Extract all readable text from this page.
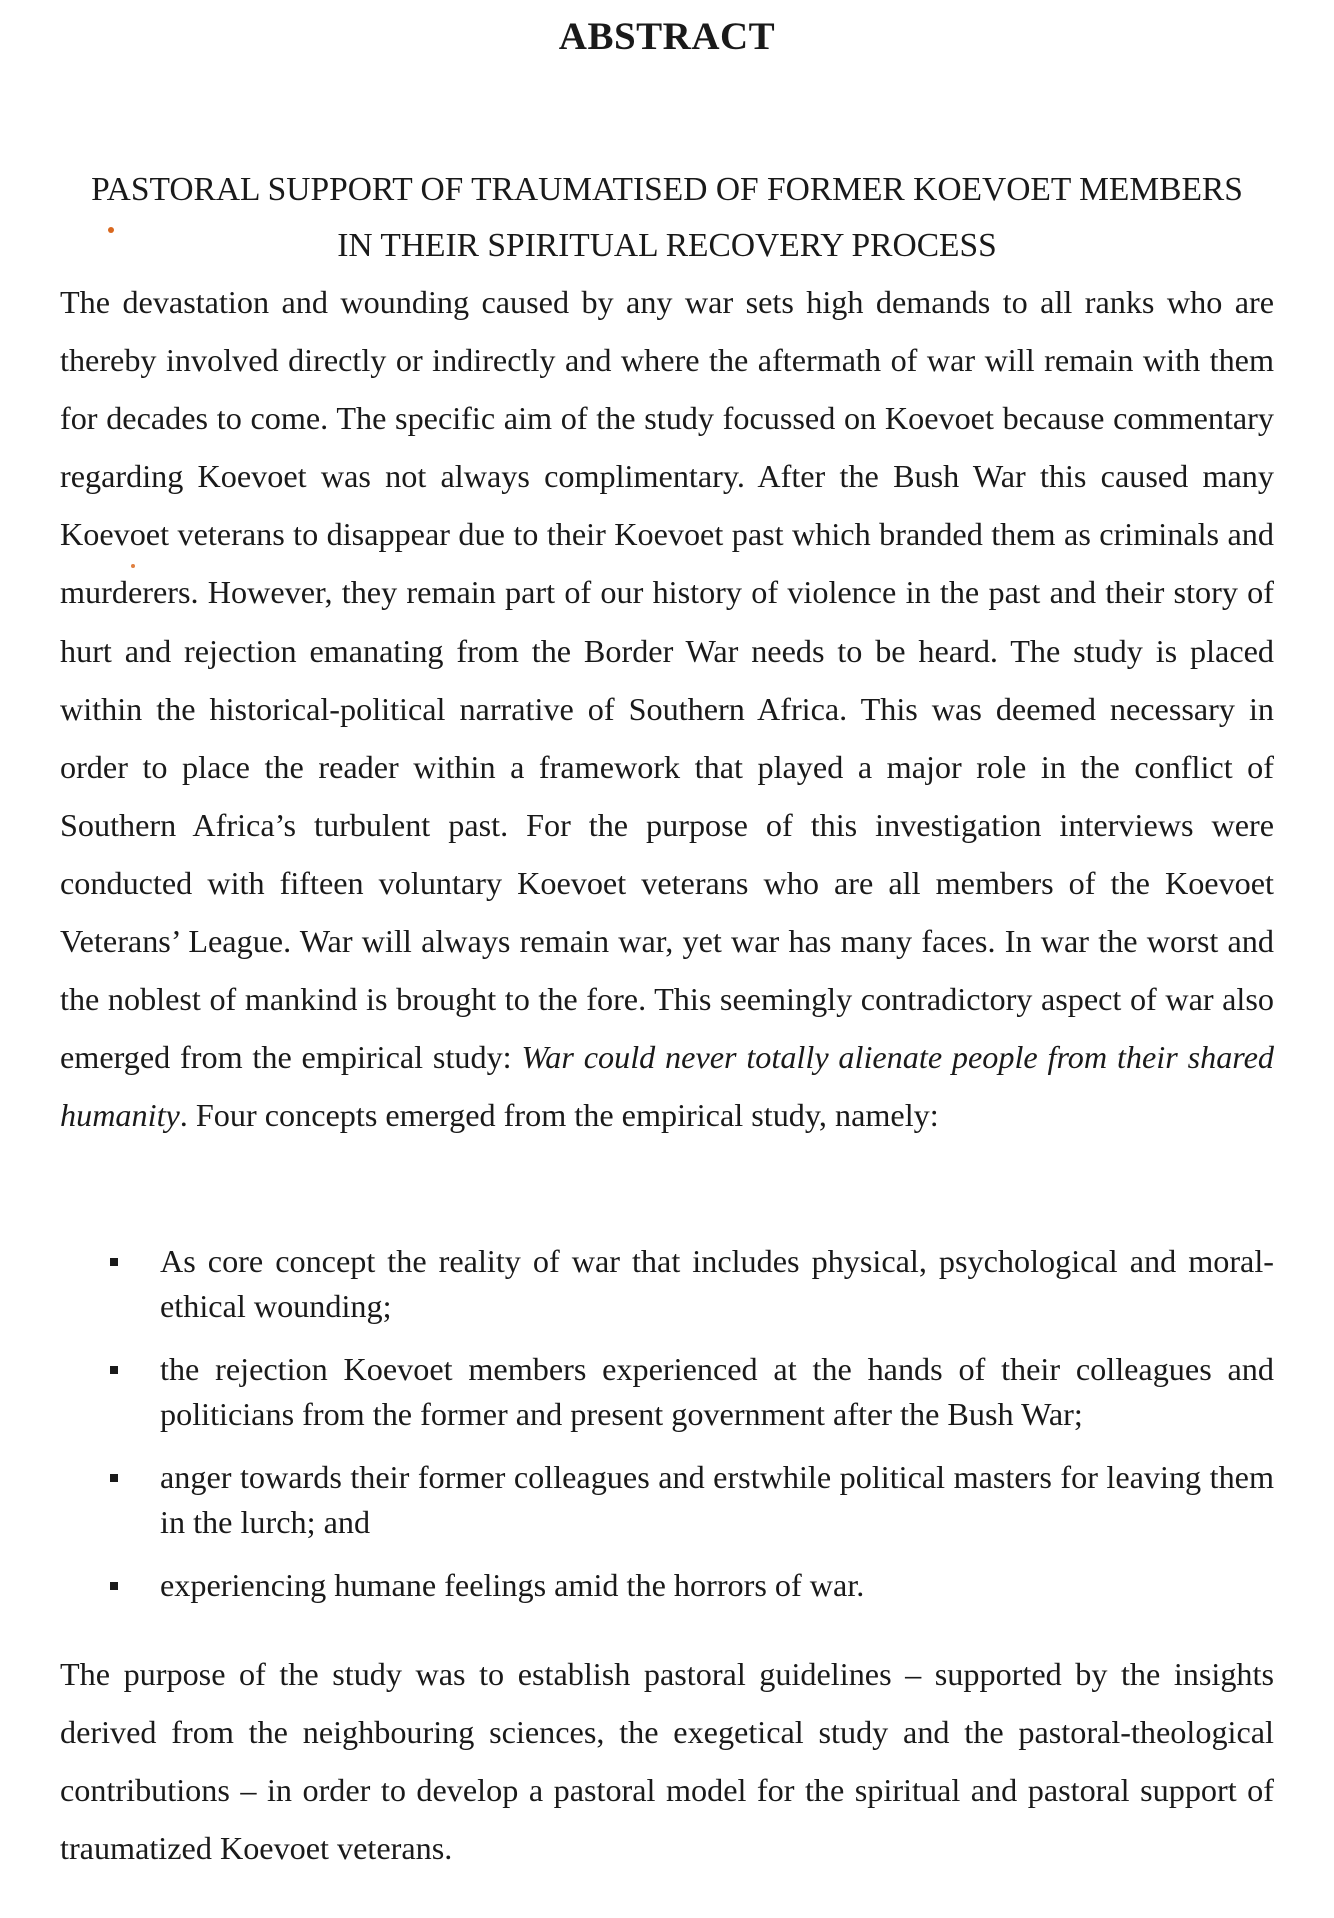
ABSTRACT
PASTORAL SUPPORT OF TRAUMATISED OF FORMER KOEVOET MEMBERS
IN THEIR SPIRITUAL RECOVERY PROCESS

The devastation and wounding caused by any war sets high demands to all ranks who are thereby involved directly or indirectly and where the aftermath of war will remain with them for decades to come. The specific aim of the study focussed on Koevoet because commentary regarding Koevoet was not always complimentary. After the Bush War this caused many Koevoet veterans to disappear due to their Koevoet past which branded them as criminals and murderers. However, they remain part of our history of violence in the past and their story of hurt and rejection emanating from the Border War needs to be heard. The study is placed within the historical-political narrative of Southern Africa. This was deemed necessary in order to place the reader within a framework that played a major role in the conflict of Southern Africa’s turbulent past. For the purpose of this investigation interviews were conducted with fifteen voluntary Koevoet veterans who are all members of the Koevoet Veterans’ League. War will always remain war, yet war has many faces. In war the worst and the noblest of mankind is brought to the fore. This seemingly contradictory aspect of war also emerged from the empirical study: War could never totally alienate people from their shared humanity. Four concepts emerged from the empirical study, namely:

As core concept the reality of war that includes physical, psychological and moral-ethical wounding;
the rejection Koevoet members experienced at the hands of their colleagues and politicians from the former and present government after the Bush War;
anger towards their former colleagues and erstwhile political masters for leaving them in the lurch; and
experiencing humane feelings amid the horrors of war.

The purpose of the study was to establish pastoral guidelines – supported by the insights derived from the neighbouring sciences, the exegetical study and the pastoral-theological contributions – in order to develop a pastoral model for the spiritual and pastoral support of traumatized Koevoet veterans.
